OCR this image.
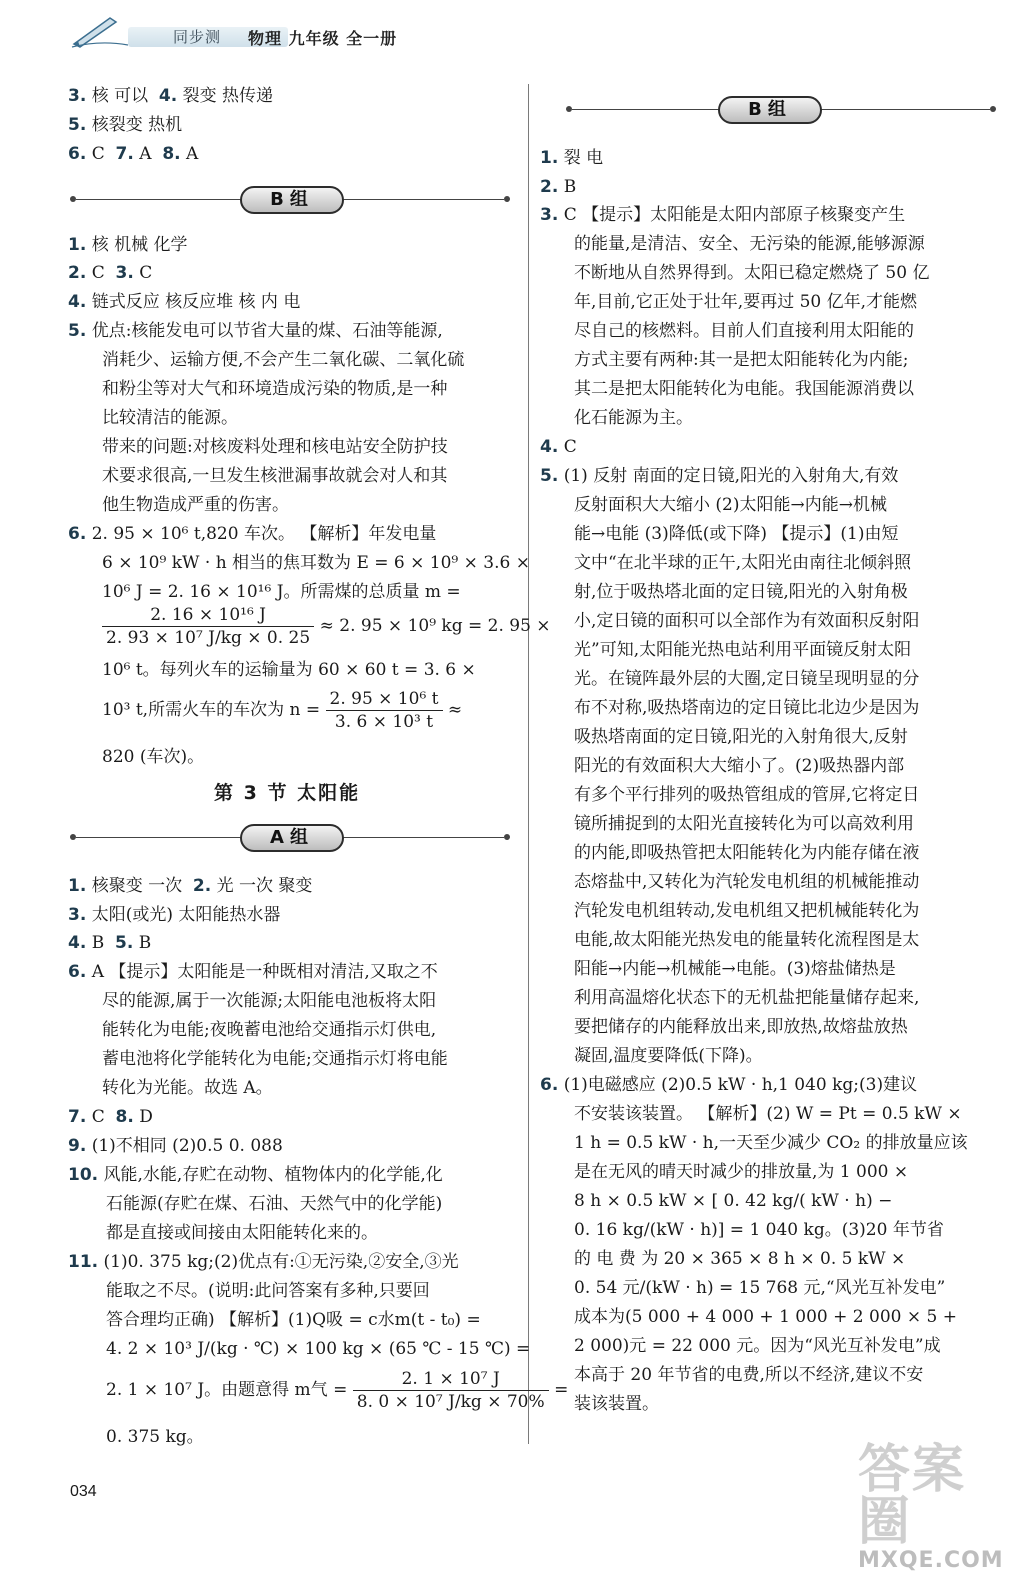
同步测	物理 九年级 全一册
3. 核 可以 4. 裂变 热传递
5. 核裂变 热机
6. C 7. A 8. A
B组
1. 核 机械 化学
2. C 3. C
4. 链式反应 核反应堆 核 内 电
5. 优点:核能发电可以节省大量的煤、石油等能源,
消耗少、运输方便,不会产生二氧化碳、二氧化硫
和粉尘等对大气和环境造成污染的物质,是一种
比较清洁的能源。
带来的问题:对核废料处理和核电站安全防护技
术要求很高,一旦发生核泄漏事故就会对人和其
他生物造成严重的伤害。
6. 2. 95 × 10⁶ t,820 车次。 【解析】年发电量
6 × 10⁹ kW · h 相当的焦耳数为 E = 6 × 10⁹ × 3.6 ×
10⁶ J = 2. 16 × 10¹⁶ J。所需煤的总质量 m =
$\frac{\text{2. 16 × 10¹⁶ J}}{\text{2. 93 × 10⁷ J/kg × 0. 25}} \approx 2$. 95 × 10⁹ kg = 2. 95 ×
10⁶ t。每列火车的运输量为 60 × 60 t = 3. 6 ×
10³ t,所需火车的车次为 $n = \frac{\text{2. 95 × 10⁶ t}}{\text{3. 6 × 10³ t}}$ ≈
820 (车次)。
第 3 节 太阳能
A组
1. 核聚变 一次 2. 光 一次 聚变
3. 太阳(或光) 太阳能热水器
4. B 5. B
6. A 【提示】太阳能是一种既相对清洁,又取之不
尽的能源,属于一次能源;太阳能电池板将太阳
能转化为电能;夜晚蓄电池给交通指示灯供电,
蓄电池将化学能转化为电能;交通指示灯将电能
转化为光能。故选 A。
7. C 8. D
9. (1)不相同 (2)0.5 0. 088
10. 风能,水能,存贮在动物、植物体内的化学能,化
石能源(存贮在煤、石油、天然气中的化学能)
都是直接或间接由太阳能转化来的。
11. (1)0. 375 kg;(2)优点有:①无污染,②安全,③光
能取之不尽。(说明:此问答案有多种,只要回
答合理均正确) 【解析】(1)Q吸 = c水m(t - t₀) =
4. 2 × 10³ J/(kg · ℃) × 100 kg × (65 ℃ - 15 ℃) =
2. 1 × 10⁷ J。由题意得 m气 = $\frac{\text{2. 1 × 10⁷ J}}{\text{8. 0 × 10⁷ J/kg × 70\%}}$ =
0. 375 kg。
B组
1. 裂 电
2. B
3. C 【提示】太阳能是太阳内部原子核聚变产生
的能量,是清洁、安全、无污染的能源,能够源源
不断地从自然界得到。太阳已稳定燃烧了 50 亿
年,目前,它正处于壮年,要再过 50 亿年,才能燃
尽自己的核燃料。目前人们直接利用太阳能的
方式主要有两种:其一是把太阳能转化为内能;
其二是把太阳能转化为电能。我国能源消费以
化石能源为主。
4. C
5. (1) 反射 南面的定日镜,阳光的入射角大,有效
反射面积大大缩小 (2)太阳能→内能→机械
能→电能 (3)降低(或下降) 【提示】(1)由短
文中“在北半球的正午,太阳光由南往北倾斜照
射,位于吸热塔北面的定日镜,阳光的入射角极
小,定日镜的面积可以全部作为有效面积反射阳
光”可知,太阳能光热电站利用平面镜反射太阳
光。在镜阵最外层的大圈,定日镜呈现明显的分
布不对称,吸热塔南边的定日镜比北边少是因为
吸热塔南面的定日镜,阳光的入射角很大,反射
阳光的有效面积大大缩小了。(2)吸热器内部
有多个平行排列的吸热管组成的管屏,它将定日
镜所捕捉到的太阳光直接转化为可以高效利用
的内能,即吸热管把太阳能转化为内能存储在液
态熔盐中,又转化为汽轮发电机组的机械能推动
汽轮发电机组转动,发电机组又把机械能转化为
电能,故太阳能光热发电的能量转化流程图是太
阳能→内能→机械能→电能。(3)熔盐储热是
利用高温熔化状态下的无机盐把能量储存起来,
要把储存的内能释放出来,即放热,故熔盐放热
凝固,温度要降低(下降)。
6. (1)电磁感应 (2)0.5 kW · h,1 040 kg;(3)建议
不安装该装置。 【解析】(2) W = Pt = 0.5 kW ×
1 h = 0.5 kW · h,一天至少减少 CO₂ 的排放量应该
是在无风的晴天时减少的排放量,为 1 000 ×
8 h × 0.5 kW × [ 0. 42 kg/( kW · h) −
0. 16 kg/(kW · h)] = 1 040 kg。(3)20 年节省
的 电 费 为 20 × 365 × 8 h × 0. 5 kW ×
0. 54 元/(kW · h) = 15 768 元,“风光互补发电”
成本为(5 000 + 4 000 + 1 000 + 2 000 × 5 +
2 000)元 = 22 000 元。因为“风光互补发电”成
本高于 20 年节省的电费,所以不经济,建议不安
装该装置。
034	答案圈
MXQE.COM
